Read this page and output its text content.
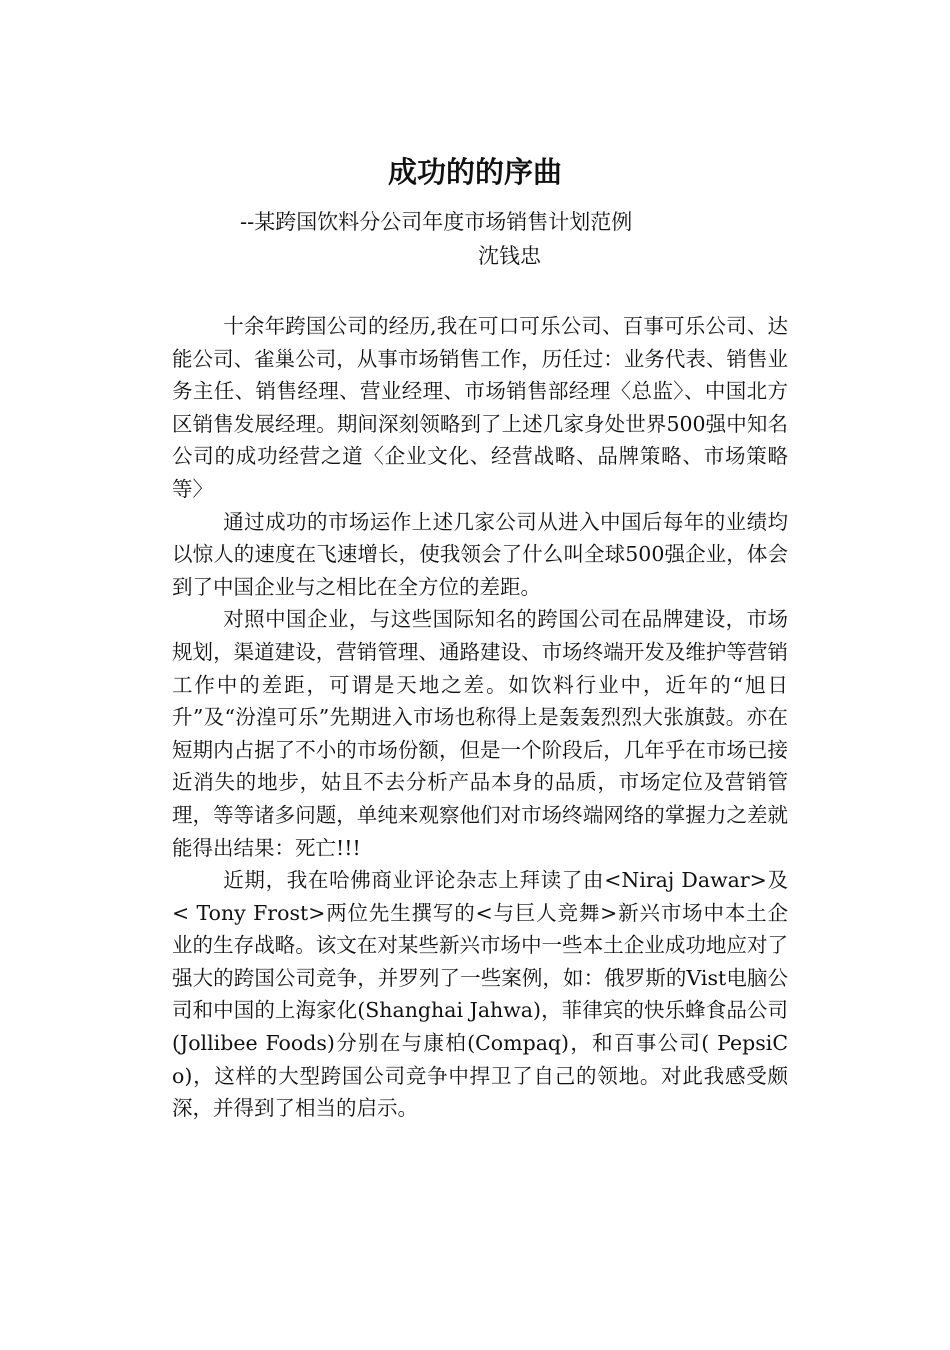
成功的的序曲
--某跨国饮料分公司年度市场销售计划范例
沈钱忠

十余年跨国公司的经历,我在可口可乐公司、百事可乐公司、达能公司、雀巢公司，从事市场销售工作，历任过：业务代表、销售业务主任、销售经理、营业经理、市场销售部经理〈总监〉、中国北方区销售发展经理。期间深刻领略到了上述几家身处世界500强中知名公司的成功经营之道〈企业文化、经营战略、品牌策略、市场策略等〉

通过成功的市场运作上述几家公司从进入中国后每年的业绩均以惊人的速度在飞速增长，使我领会了什么叫全球500强企业，体会到了中国企业与之相比在全方位的差距。

对照中国企业，与这些国际知名的跨国公司在品牌建设，市场规划，渠道建设，营销管理、通路建设、市场终端开发及维护等营销工作中的差距，可谓是天地之差。如饮料行业中，近年的“旭日升”及“汾湟可乐”先期进入市场也称得上是轰轰烈烈大张旗鼓。亦在短期内占据了不小的市场份额，但是一个阶段后，几年乎在市场已接近消失的地步，姑且不去分析产品本身的品质，市场定位及营销管理，等等诸多问题，单纯来观察他们对市场终端网络的掌握力之差就能得出结果：死亡!!!

近期，我在哈佛商业评论杂志上拜读了由<Niraj Dawar>及< Tony Frost>两位先生撰写的<与巨人竞舞>新兴市场中本土企业的生存战略。该文在对某些新兴市场中一些本土企业成功地应对了强大的跨国公司竞争，并罗列了一些案例，如：俄罗斯的Vist电脑公司和中国的上海家化(Shanghai Jahwa)，菲律宾的快乐蜂食品公司(Jollibee Foods)分别在与康柏(Compaq)，和百事公司( PepsiCo)，这样的大型跨国公司竞争中捍卫了自己的领地。对此我感受颇深，并得到了相当的启示。
